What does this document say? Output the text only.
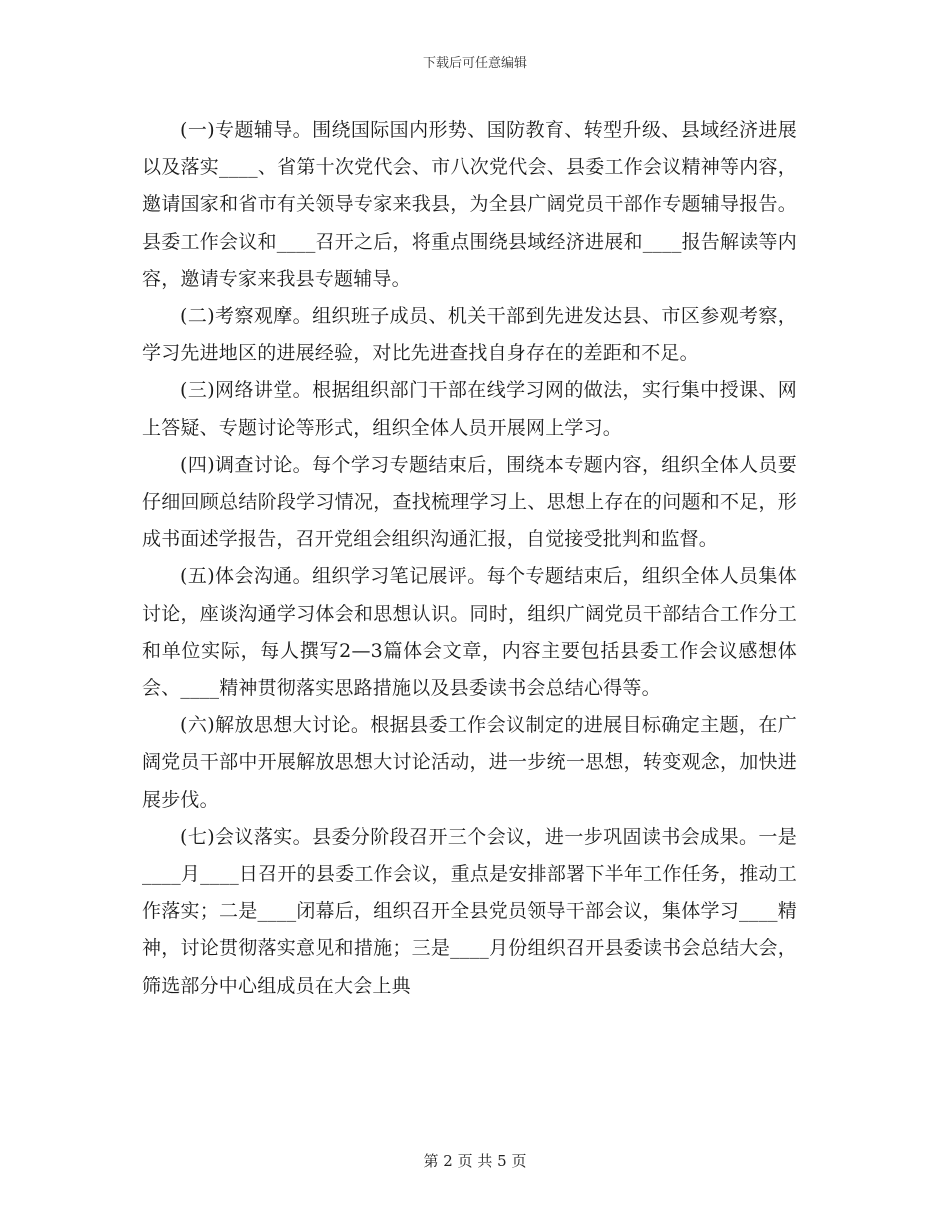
下载后可任意编辑

(一)专题辅导。围绕国际国内形势、国防教育、转型升级、县域经济进展以及落实____、省第十次党代会、市八次党代会、县委工作会议精神等内容，邀请国家和省市有关领导专家来我县，为全县广阔党员干部作专题辅导报告。县委工作会议和____召开之后，将重点围绕县域经济进展和____报告解读等内容，邀请专家来我县专题辅导。

(二)考察观摩。组织班子成员、机关干部到先进发达县、市区参观考察，学习先进地区的进展经验，对比先进查找自身存在的差距和不足。

(三)网络讲堂。根据组织部门干部在线学习网的做法，实行集中授课、网上答疑、专题讨论等形式，组织全体人员开展网上学习。

(四)调查讨论。每个学习专题结束后，围绕本专题内容，组织全体人员要仔细回顾总结阶段学习情况，查找梳理学习上、思想上存在的问题和不足，形成书面述学报告，召开党组会组织沟通汇报，自觉接受批判和监督。

(五)体会沟通。组织学习笔记展评。每个专题结束后，组织全体人员集体讨论，座谈沟通学习体会和思想认识。同时，组织广阔党员干部结合工作分工和单位实际，每人撰写2—3篇体会文章，内容主要包括县委工作会议感想体会、____精神贯彻落实思路措施以及县委读书会总结心得等。

(六)解放思想大讨论。根据县委工作会议制定的进展目标确定主题，在广阔党员干部中开展解放思想大讨论活动，进一步统一思想，转变观念，加快进展步伐。

(七)会议落实。县委分阶段召开三个会议，进一步巩固读书会成果。一是____月____日召开的县委工作会议，重点是安排部署下半年工作任务，推动工作落实；二是____闭幕后，组织召开全县党员领导干部会议，集体学习____精神，讨论贯彻落实意见和措施；三是____月份组织召开县委读书会总结大会，筛选部分中心组成员在大会上典

第 2 页 共 5 页
